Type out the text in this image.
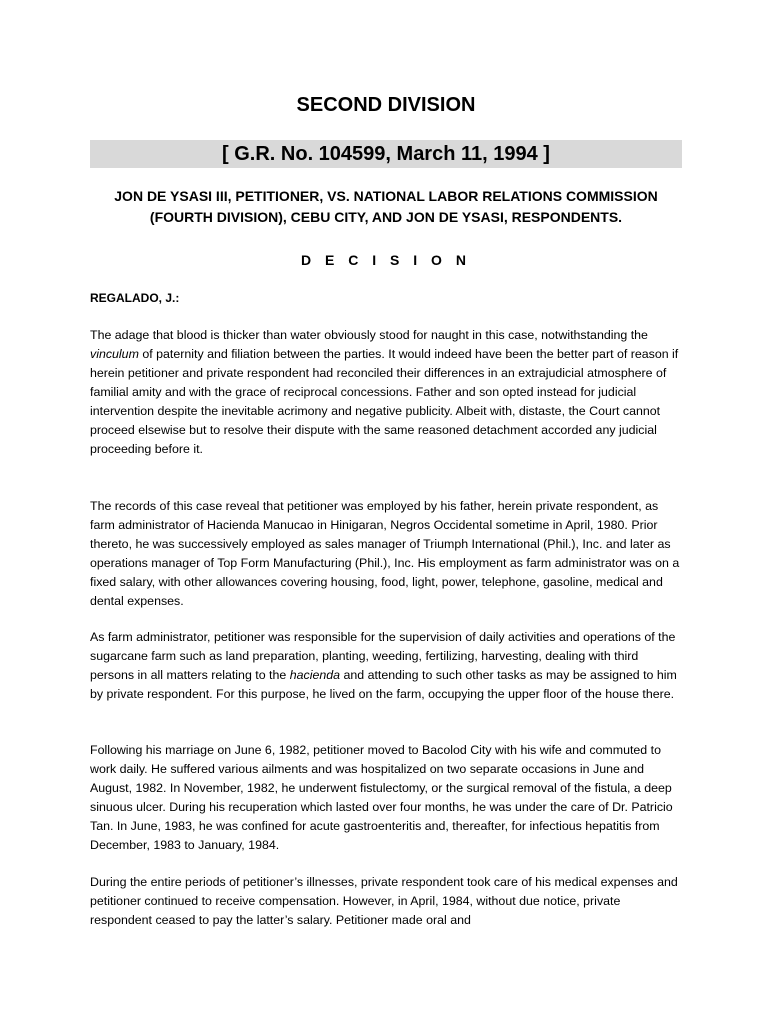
SECOND DIVISION
[ G.R. No. 104599, March 11, 1994 ]
JON DE YSASI III, PETITIONER, VS. NATIONAL LABOR RELATIONS COMMISSION
(FOURTH DIVISION), CEBU CITY, AND JON DE YSASI, RESPONDENTS.
D E C I S I O N
REGALADO, J.:

The adage that blood is thicker than water obviously stood for naught in this case, notwithstanding the vinculum of paternity and filiation between the parties. It would indeed have been the better part of reason if herein petitioner and private respondent had reconciled their differences in an extrajudicial atmosphere of familial amity and with the grace of reciprocal concessions. Father and son opted instead for judicial intervention despite the inevitable acrimony and negative publicity. Albeit with, distaste, the Court cannot proceed elsewise but to resolve their dispute with the same reasoned detachment accorded any judicial proceeding before it.

The records of this case reveal that petitioner was employed by his father, herein private respondent, as farm administrator of Hacienda Manucao in Hinigaran, Negros Occidental sometime in April, 1980. Prior thereto, he was successively employed as sales manager of Triumph International (Phil.), Inc. and later as operations manager of Top Form Manufacturing (Phil.), Inc. His employment as farm administrator was on a fixed salary, with other allowances covering housing, food, light, power, telephone, gasoline, medical and dental expenses.

As farm administrator, petitioner was responsible for the supervision of daily activities and operations of the sugarcane farm such as land preparation, planting, weeding, fertilizing, harvesting, dealing with third persons in all matters relating to the hacienda and attending to such other tasks as may be assigned to him by private respondent. For this purpose, he lived on the farm, occupying the upper floor of the house there.

Following his marriage on June 6, 1982, petitioner moved to Bacolod City with his wife and commuted to work daily. He suffered various ailments and was hospitalized on two separate occasions in June and August, 1982. In November, 1982, he underwent fistulectomy, or the surgical removal of the fistula, a deep sinuous ulcer. During his recuperation which lasted over four months, he was under the care of Dr. Patricio Tan. In June, 1983, he was confined for acute gastroenteritis and, thereafter, for infectious hepatitis from December, 1983 to January, 1984.

During the entire periods of petitioner’s illnesses, private respondent took care of his medical expenses and petitioner continued to receive compensation. However, in April, 1984, without due notice, private respondent ceased to pay the latter’s salary. Petitioner made oral and
